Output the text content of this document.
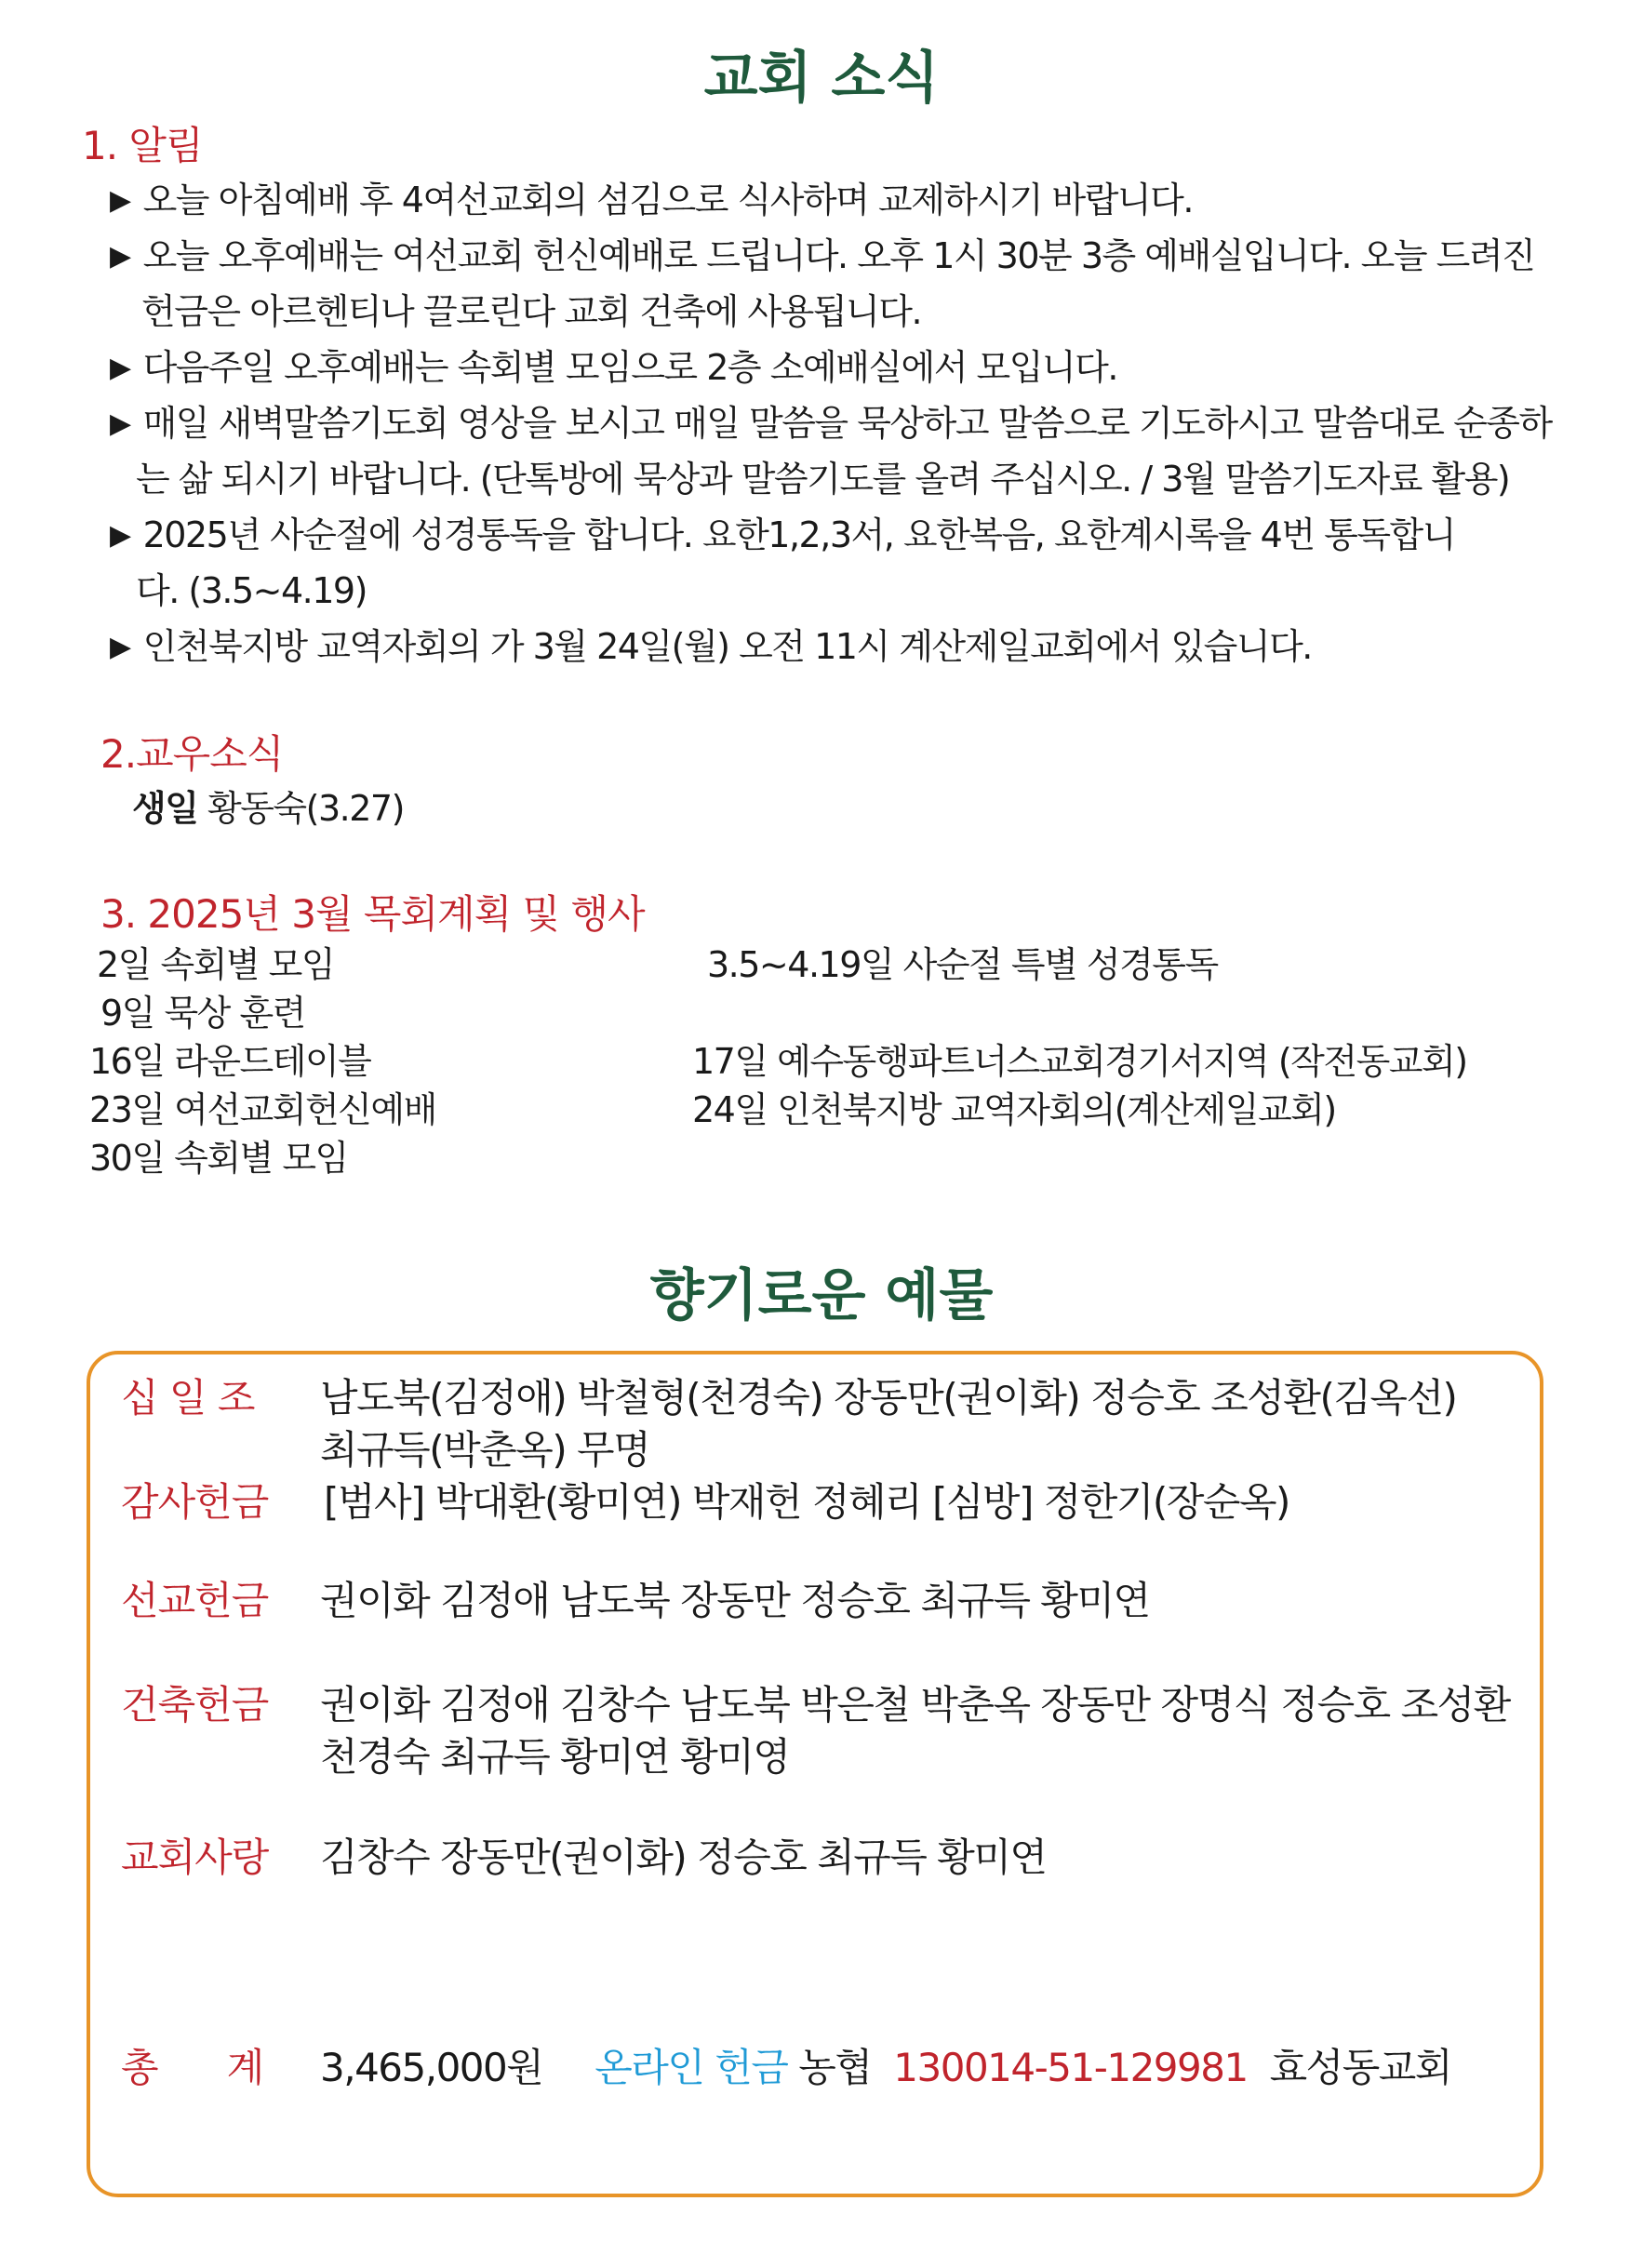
교회 소식
1. 알림
▶ 오늘 아침예배 후 4여선교회의 섬김으로 식사하며 교제하시기 바랍니다.
▶ 오늘 오후예배는 여선교회 헌신예배로 드립니다. 오후 1시 30분 3층 예배실입니다. 오늘 드려진
헌금은 아르헨티나 끌로린다 교회 건축에 사용됩니다.
▶ 다음주일 오후예배는 속회별 모임으로 2층 소예배실에서 모입니다.
▶ 매일 새벽말씀기도회 영상을 보시고 매일 말씀을 묵상하고 말씀으로 기도하시고 말씀대로 순종하
는 삶 되시기 바랍니다. (단톡방에 묵상과 말씀기도를 올려 주십시오. / 3월 말씀기도자료 활용)
▶ 2025년 사순절에 성경통독을 합니다. 요한1,2,3서, 요한복음, 요한계시록을 4번 통독합니
다. (3.5~4.19)
▶ 인천북지방 교역자회의 가 3월 24일(월) 오전 11시 계산제일교회에서 있습니다.
2.교우소식
생일 황동숙(3.27)
3. 2025년 3월 목회계획 및 행사
2일 속회별 모임
9일 묵상 훈련
16일 라운드테이블
23일 여선교회헌신예배
30일 속회별 모임
3.5~4.19일 사순절 특별 성경통독
17일 예수동행파트너스교회경기서지역 (작전동교회)
24일 인천북지방 교역자회의(계산제일교회)
향기로운 예물
십 일 조 남도북(김정애) 박철형(천경숙) 장동만(권이화) 정승호 조성환(김옥선)
최규득(박춘옥) 무명
감사헌금 [범사] 박대환(황미연) 박재헌 정혜리 [심방] 정한기(장순옥)
선교헌금 권이화 김정애 남도북 장동만 정승호 최규득 황미연
건축헌금 권이화 김정애 김창수 남도북 박은철 박춘옥 장동만 장명식 정승호 조성환
천경숙 최규득 황미연 황미영
교회사랑 김창수 장동만(권이화) 정승호 최규득 황미연
총      계 3,465,000원 온라인 헌금 농협 130014-51-129981 효성동교회
